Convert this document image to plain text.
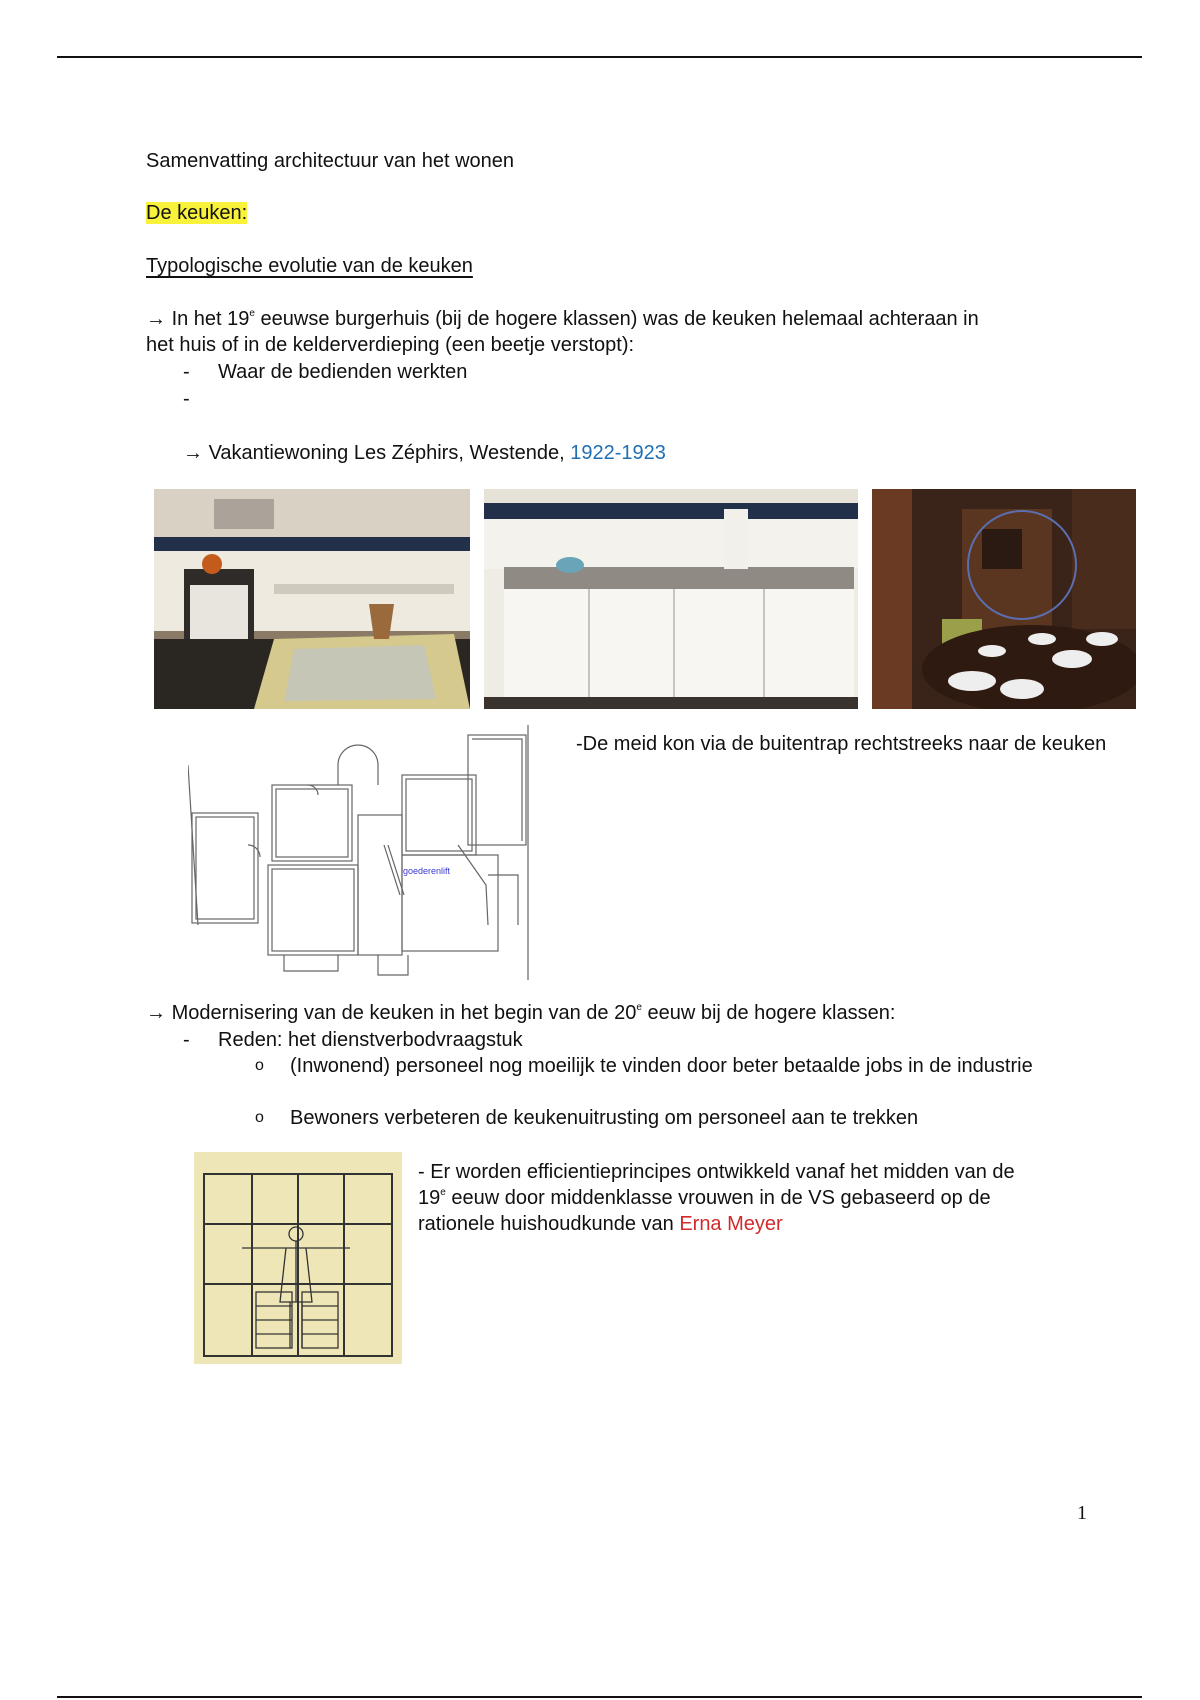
Samenvatting architectuur van het wonen
De keuken:
Typologische evolutie van de keuken
→ In het 19e eeuwse burgerhuis (bij de hogere klassen) was de keuken helemaal achteraan in
het huis of in de kelderverdieping (een beetje verstopt):
- Waar de bedienden werkten
-
→ Vakantiewoning Les Zéphirs, Westende, 1922-1923
goederenlift
-De meid kon via de buitentrap rechtstreeks naar de keuken
→ Modernisering van de keuken in het begin van de 20e eeuw bij de hogere klassen:
- Reden: het dienstverbodvraagstuk
o (Inwonend) personeel nog moeilijk te vinden door beter betaalde jobs in de industrie
o Bewoners verbeteren de keukenuitrusting om personeel aan te trekken
- Er worden efficientieprincipes ontwikkeld vanaf het midden van de
19e eeuw door middenklasse vrouwen in de VS gebaseerd op de
rationele huishoudkunde van Erna Meyer
1
